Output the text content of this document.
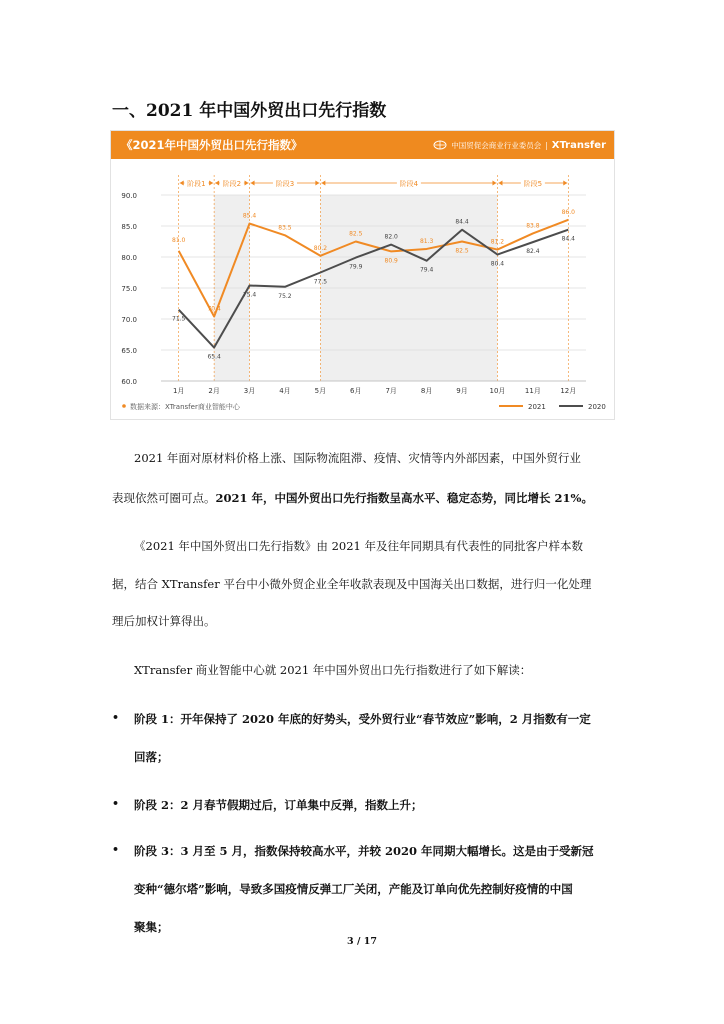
一、2021 年中国外贸出口先行指数
《2021年中国外贸出口先行指数》	中国贸促会商业行业委员会 | XTransfer
60.0
65.0
70.0
75.0
80.0
85.0
90.0
阶段1 阶段2	阶段3	阶段4	阶段5
1月	2月	3月	4月	5月	6月	7月	8月	9月	10月	11月	12月
81.0
71.5
70.4
65.4
85.4
75.4
83.5
75.2
80.2
77.5
82.5
79.9
80.9
82.0
81.3
79.4
82.5
84.4
81.2
80.4
83.8
82.4
86.0
84.4
数据来源：XTransfer商业智能中心	2021	2020
2021 年面对原材料价格上涨、国际物流阻滞、疫情、灾情等内外部因素，中国外贸行业
表现依然可圈可点。2021 年，中国外贸出口先行指数呈高水平、稳定态势，同比增长 21%。
《2021 年中国外贸出口先行指数》由 2021 年及往年同期具有代表性的同批客户样本数
据，结合 XTransfer 平台中小微外贸企业全年收款表现及中国海关出口数据，进行归一化处理
理后加权计算得出。
XTransfer 商业智能中心就 2021 年中国外贸出口先行指数进行了如下解读：
• 阶段 1：开年保持了 2020 年底的好势头，受外贸行业“春节效应”影响，2 月指数有一定
回落；
• 阶段 2：2 月春节假期过后，订单集中反弹，指数上升；
• 阶段 3：3 月至 5 月，指数保持较高水平，并较 2020 年同期大幅增长。这是由于受新冠
变种“德尔塔”影响，导致多国疫情反弹工厂关闭，产能及订单向优先控制好疫情的中国
聚集；
3 / 17
